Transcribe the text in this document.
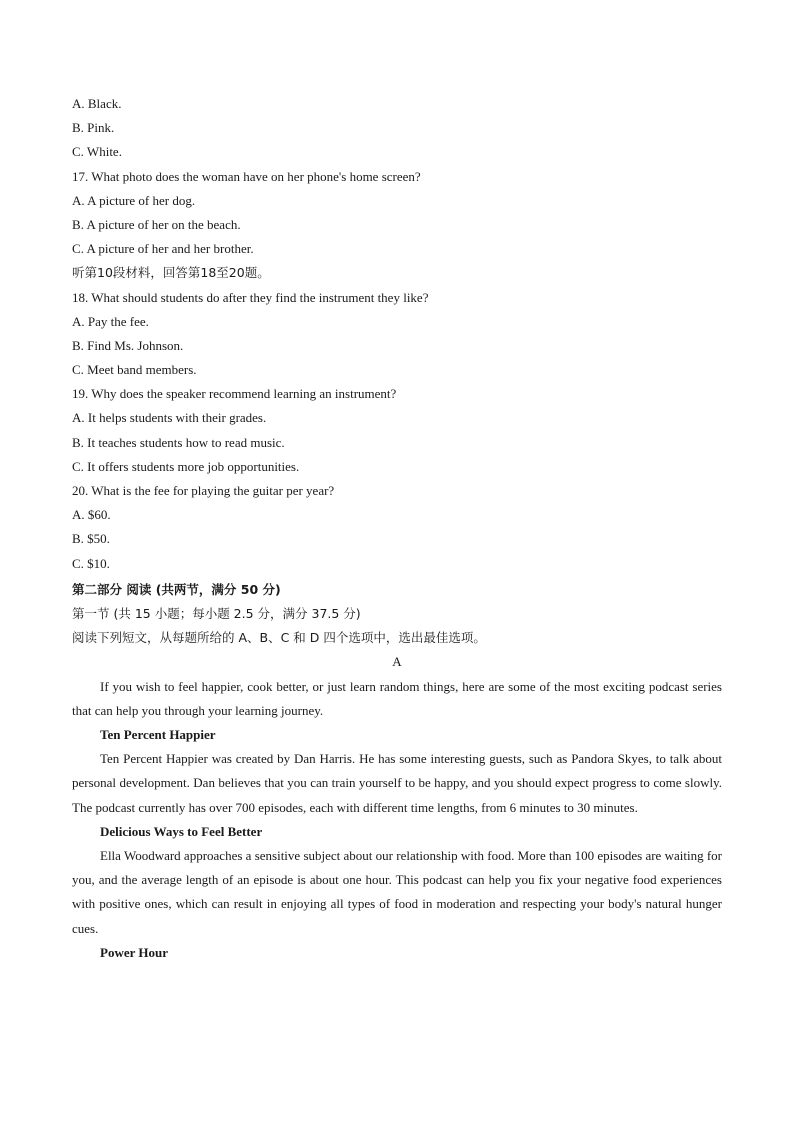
A. Black.
B. Pink.
C. White.
17. What photo does the woman have on her phone's home screen?
A. A picture of her dog.
B. A picture of her on the beach.
C. A picture of her and her brother.
听第10段材料，回答第18至20题。
18. What should students do after they find the instrument they like?
A. Pay the fee.
B. Find Ms. Johnson.
C. Meet band members.
19. Why does the speaker recommend learning an instrument?
A. It helps students with their grades.
B. It teaches students how to read music.
C. It offers students more job opportunities.
20. What is the fee for playing the guitar per year?
A. $60.
B. $50.
C. $10.
第二部分 阅读 (共两节，满分 50 分)
第一节 (共 15 小题；每小题 2.5 分，满分 37.5 分)
阅读下列短文，从每题所给的 A、B、C 和 D 四个选项中，选出最佳选项。
A
If you wish to feel happier, cook better, or just learn random things, here are some of the most exciting podcast series that can help you through your learning journey.
Ten Percent Happier
Ten Percent Happier was created by Dan Harris. He has some interesting guests, such as Pandora Skyes, to talk about personal development. Dan believes that you can train yourself to be happy, and you should expect progress to come slowly. The podcast currently has over 700 episodes, each with different time lengths, from 6 minutes to 30 minutes.
Delicious Ways to Feel Better
Ella Woodward approaches a sensitive subject about our relationship with food. More than 100 episodes are waiting for you, and the average length of an episode is about one hour. This podcast can help you fix your negative food experiences with positive ones, which can result in enjoying all types of food in moderation and respecting your body's natural hunger cues.
Power Hour
